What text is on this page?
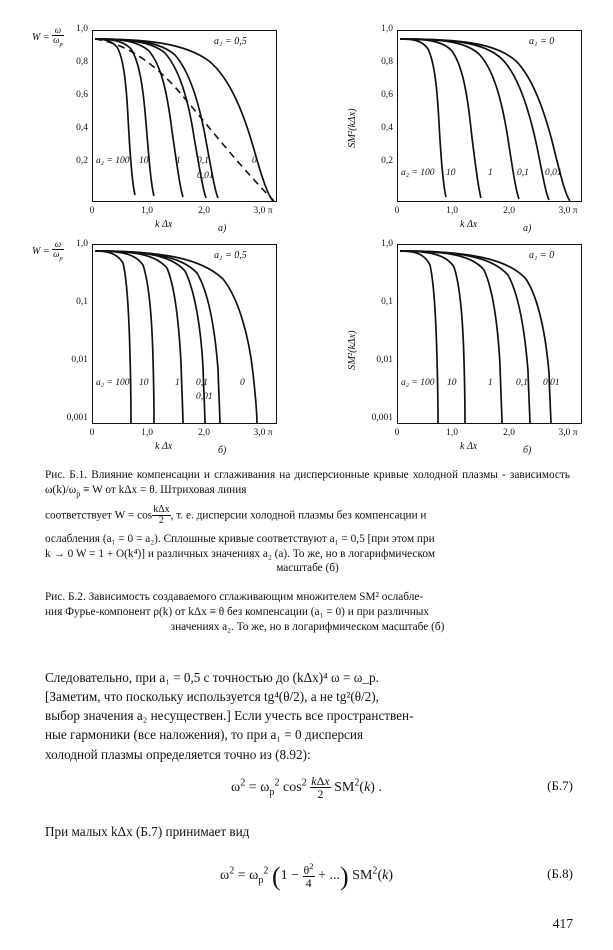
$W = \frac{\omega}{\omega_p}$	1,0
0,8
0,6
0,4
0,2
0	1,0	2,0	3,0 π
k Δx	а)
a₁ = 0,5
a₂ = 100 10	1 0,1
0,01
0
SM²(kΔx)
1,0
0,8
0,6
0,4
0,2
0	1,0	2,0	3,0 π
k Δx	а)
a₁ = 0
a₂ = 100 10	1	0,1 0,01
$W = \frac{\omega}{\omega_p}$	1,0
0,1
0,01
0,001
0	1,0	2,0	3,0 π
k Δx	б)
a₁ = 0,5
a₂ = 100 10	1 0,1
0,01
0
SM²(kΔx)
1,0
0,1
0,01
0,001
0	1,0	2,0	3,0 π
k Δx	б)
a₁ = 0
a₂ = 100 10	1 0,1 0,01
Рис. Б.1. Влияние компенсации и сглаживания на дисперсионные кривые холодной плазмы - зависимость $\omega(k)/\omega_p \equiv W$ от kΔx = θ. Штриховая линия
соответствует $W = \cos \frac{\text{kΔx}}{2}$ , т. е. дисперсии холодной плазмы без компенсации и
ослабления (a₁ = 0 = a₂). Сплошные кривые соответствуют a₁ = 0,5 [при этом при
k → 0 W = 1 + O(k⁴)] и различных значениях a₂ (а). То же, но в логарифмическом
масштабе (б)
Рис. Б.2. Зависимость создаваемого сглаживающим множителем SM² ослабле-
ния Фурье-компонент ρ(k) от kΔx ≡ θ без компенсации (a₁ = 0) и при различных
значениях a₂. То же, но в логарифмическом масштабе (б)
Следовательно, при a₁ = 0,5 с точностью до (kΔx)⁴ ω = ω_p.
[Заметим, что поскольку используется tg⁴(θ/2), а не tg²(θ/2),
выбор значения a₂ несуществен.] Если учесть все пространствен-
ные гармоники (все наложения), то при a₁ = 0 дисперсия
холодной плазмы определяется точно из (8.92):
$\omega^2 = \omega_p^2$ $\cos^2 \frac{\text{kΔx}}{2} SM^2(k)$ .	(Б.7)
При малых kΔx (Б.7) принимает вид
$\omega^2 = \omega_p^2$ ($1 - \frac{\theta^2}{4}$ + ...) $SM^2(k)$	(Б.8)
417
